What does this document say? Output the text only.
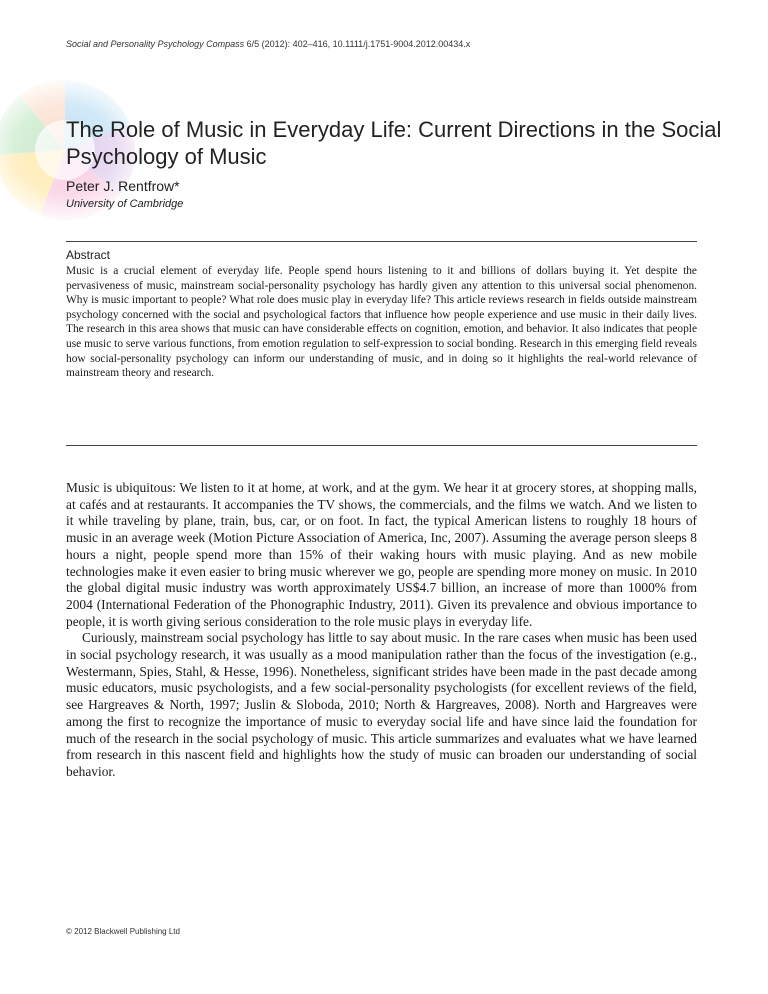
Social and Personality Psychology Compass 6/5 (2012): 402–416, 10.1111/j.1751-9004.2012.00434.x
The Role of Music in Everyday Life: Current Directions in the Social Psychology of Music
Peter J. Rentfrow*
University of Cambridge
Abstract

Music is a crucial element of everyday life. People spend hours listening to it and billions of dollars buying it. Yet despite the pervasiveness of music, mainstream social-personality psychology has hardly given any attention to this universal social phenomenon. Why is music important to people? What role does music play in everyday life? This article reviews research in fields outside mainstream psychology concerned with the social and psychological factors that influence how people experience and use music in their daily lives. The research in this area shows that music can have considerable effects on cognition, emotion, and behavior. It also indicates that people use music to serve various functions, from emotion regulation to self-expression to social bonding. Research in this emerging field reveals how social-personality psychology can inform our understanding of music, and in doing so it highlights the real-world relevance of mainstream theory and research.

Music is ubiquitous: We listen to it at home, at work, and at the gym. We hear it at grocery stores, at shopping malls, at cafés and at restaurants. It accompanies the TV shows, the commercials, and the films we watch. And we listen to it while traveling by plane, train, bus, car, or on foot. In fact, the typical American listens to roughly 18 hours of music in an average week (Motion Picture Association of America, Inc, 2007). Assuming the average person sleeps 8 hours a night, people spend more than 15% of their waking hours with music playing. And as new mobile technologies make it even easier to bring music wherever we go, people are spending more money on music. In 2010 the global digital music industry was worth approximately US$4.7 billion, an increase of more than 1000% from 2004 (International Federation of the Phonographic Industry, 2011). Given its prevalence and obvious importance to people, it is worth giving serious consideration to the role music plays in everyday life.

Curiously, mainstream social psychology has little to say about music. In the rare cases when music has been used in social psychology research, it was usually as a mood manipulation rather than the focus of the investigation (e.g., Westermann, Spies, Stahl, & Hesse, 1996). Nonetheless, significant strides have been made in the past decade among music educators, music psychologists, and a few social-personality psychologists (for excellent reviews of the field, see Hargreaves & North, 1997; Juslin & Sloboda, 2010; North & Hargreaves, 2008). North and Hargreaves were among the first to recognize the importance of music to everyday social life and have since laid the foundation for much of the research in the social psychology of music. This article summarizes and evaluates what we have learned from research in this nascent field and highlights how the study of music can broaden our understanding of social behavior.

© 2012 Blackwell Publishing Ltd
